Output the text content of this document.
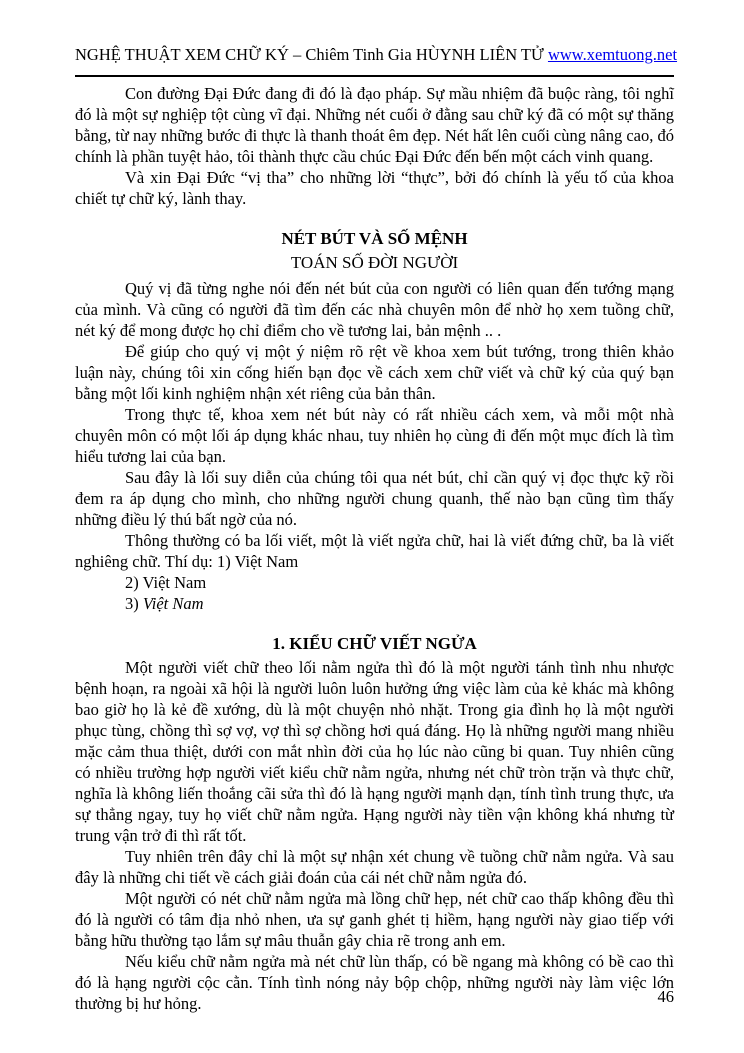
NGHỆ THUẬT XEM CHỮ KÝ – Chiêm Tinh Gia HÙYNH LIÊN TỬ www.xemtuong.net

Con đường Đại Đức đang đi đó là đạo pháp. Sự mầu nhiệm đã buộc ràng, tôi nghĩ đó là một sự nghiệp tột cùng vĩ đại. Những nét cuối ở đằng sau chữ ký đã có một sự thăng bằng, từ nay những bước đi thực là thanh thoát êm đẹp. Nét hất lên cuối cùng nâng cao, đó chính là phần tuyệt hảo, tôi thành thực cầu chúc Đại Đức đến bến một cách vinh quang.

Và xin Đại Đức “vị tha” cho những lời “thực”, bởi đó chính là yếu tố của khoa chiết tự chữ ký, lành thay.

NÉT BÚT VÀ SỐ MỆNH
TOÁN SỐ ĐỜI NGƯỜI

Quý vị đã từng nghe nói đến nét bút của con người có liên quan đến tướng mạng của mình. Và cũng có người đã tìm đến các nhà chuyên môn để nhờ họ xem tuồng chữ, nét ký để mong được họ chỉ điểm cho về tương lai, bản mệnh .. .

Để giúp cho quý vị một ý niệm rõ rệt về khoa xem bút tướng, trong thiên khảo luận này, chúng tôi xin cống hiến bạn đọc về cách xem chữ viết và chữ ký của quý bạn bằng một lối kinh nghiệm nhận xét riêng của bản thân.

Trong thực tế, khoa xem nét bút này có rất nhiều cách xem, và mỗi một nhà chuyên môn có một lối áp dụng khác nhau, tuy nhiên họ cùng đi đến một mục đích là tìm hiểu tương lai của bạn.

Sau đây là lối suy diễn của chúng tôi qua nét bút, chỉ cần quý vị đọc thực kỹ rồi đem ra áp dụng cho mình, cho những người chung quanh, thế nào bạn cũng tìm thấy những điều lý thú bất ngờ của nó.

Thông thường có ba lối viết, một là viết ngửa chữ, hai là viết đứng chữ, ba là viết nghiêng chữ. Thí dụ: 1) Việt Nam

2) Việt Nam

3) Việt Nam

1. KIỂU CHỮ VIẾT NGỬA

Một người viết chữ theo lối nằm ngửa thì đó là một người tánh tình nhu nhược bệnh hoạn, ra ngoài xã hội là người luôn luôn hưởng ứng việc làm của kẻ khác mà không bao giờ họ là kẻ đề xướng, dù là một chuyện nhỏ nhặt. Trong gia đình họ là một người phục tùng, chồng thì sợ vợ, vợ thì sợ chồng hơi quá đáng. Họ là những người mang nhiều mặc cảm thua thiệt, dưới con mắt nhìn đời của họ lúc nào cũng bi quan. Tuy nhiên cũng có nhiều trường hợp người viết kiểu chữ nằm ngửa, nhưng nét chữ tròn trặn và thực chữ, nghĩa là không liến thoắng cãi sửa thì đó là hạng người mạnh dạn, tính tình trung thực, ưa sự thẳng ngay, tuy họ viết chữ nằm ngửa. Hạng người này tiền vận không khá nhưng từ trung vận trở đi thì rất tốt.

Tuy nhiên trên đây chỉ là một sự nhận xét chung về tuồng chữ nằm ngửa. Và sau đây là những chi tiết về cách giải đoán của cái nét chữ nằm ngửa đó.

Một người có nét chữ nằm ngửa mà lồng chữ hẹp, nét chữ cao thấp không đều thì đó là người có tâm địa nhỏ nhen, ưa sự ganh ghét tị hiềm, hạng người này giao tiếp với bằng hữu thường tạo lắm sự mâu thuẫn gây chia rẽ trong anh em.

Nếu kiểu chữ nằm ngửa mà nét chữ lùn thấp, có bề ngang mà không có bề cao thì đó là hạng người cộc cằn. Tính tình nóng nảy bộp chộp, những người này làm việc lớn thường bị hư hỏng.	46
